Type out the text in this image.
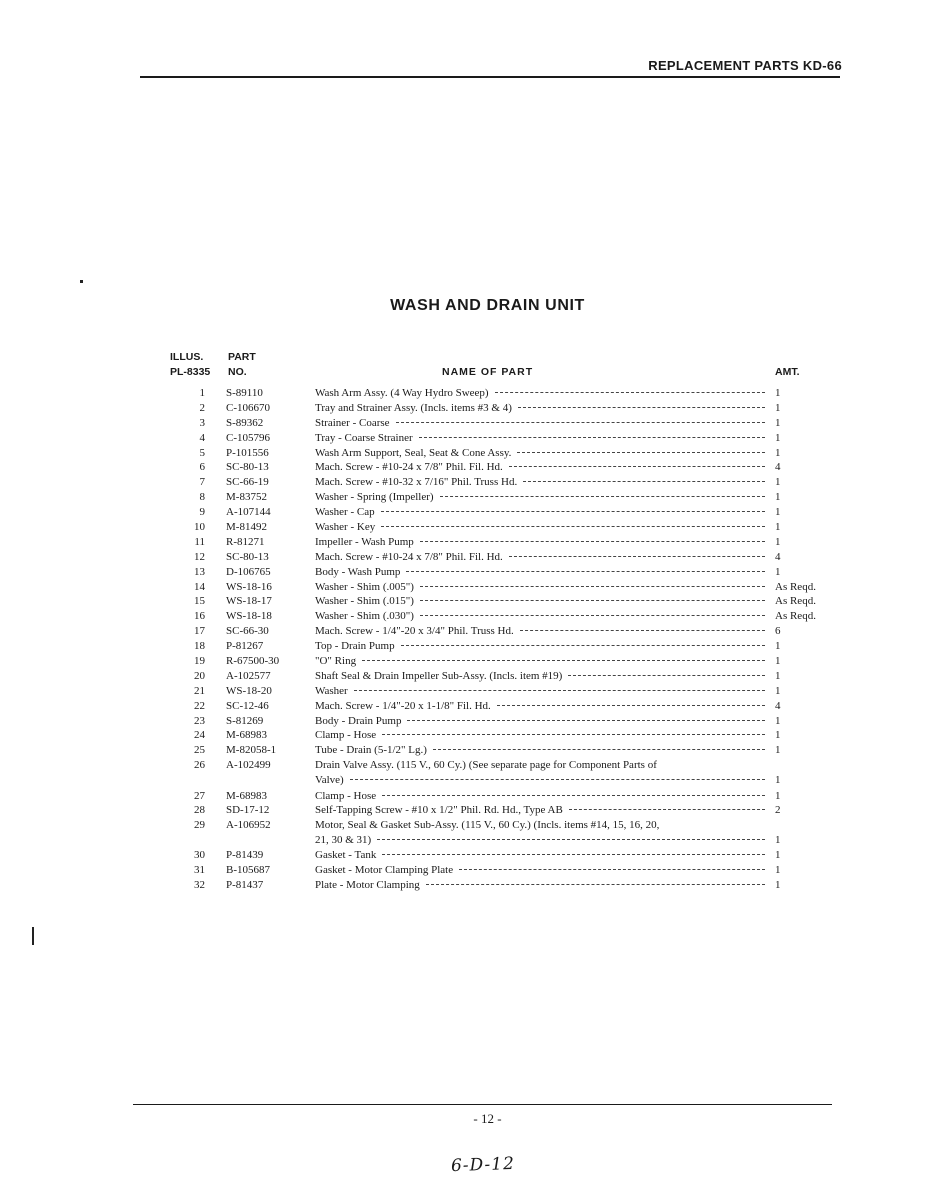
REPLACEMENT PARTS KD-66
WASH AND DRAIN UNIT
ILLUS.
PL-8335
PART
NO.	NAME OF PART	AMT.
1 S-89110	Wash Arm Assy. (4 Way Hydro Sweep)	1
2 C-106670	Tray and Strainer Assy. (Incls. items #3 & 4)	1
3 S-89362	Strainer - Coarse	1
4 C-105796	Tray - Coarse Strainer	1
5 P-101556	Wash Arm Support, Seal, Seat & Cone Assy.	1
6 SC-80-13	Mach. Screw - #10-24 x 7/8" Phil. Fil. Hd.	4
7 SC-66-19	Mach. Screw - #10-32 x 7/16" Phil. Truss Hd.	1
8 M-83752	Washer - Spring (Impeller)	1
9 A-107144	Washer - Cap	1
10 M-81492	Washer - Key	1
11 R-81271	Impeller - Wash Pump	1
12 SC-80-13	Mach. Screw - #10-24 x 7/8" Phil. Fil. Hd.	4
13 D-106765	Body - Wash Pump	1
14 WS-18-16	Washer - Shim (.005")	As Reqd.
15 WS-18-17	Washer - Shim (.015")	As Reqd.
16 WS-18-18	Washer - Shim (.030")	As Reqd.
17 SC-66-30	Mach. Screw - 1/4"-20 x 3/4" Phil. Truss Hd.	6
18 P-81267	Top - Drain Pump	1
19 R-67500-30	"O" Ring	1
20 A-102577	Shaft Seal & Drain Impeller Sub-Assy. (Incls. item #19)	1
21 WS-18-20	Washer	1
22 SC-12-46	Mach. Screw - 1/4"-20 x 1-1/8" Fil. Hd.	4
23 S-81269	Body - Drain Pump	1
24 M-68983	Clamp - Hose	1
25 M-82058-1	Tube - Drain (5-1/2" Lg.)	1
26 A-102499	Drain Valve Assy. (115 V., 60 Cy.) (See separate page for Component Parts of
Valve)	1
27 M-68983	Clamp - Hose	1
28 SD-17-12	Self-Tapping Screw - #10 x 1/2" Phil. Rd. Hd., Type AB	2
29 A-106952	Motor, Seal & Gasket Sub-Assy. (115 V., 60 Cy.) (Incls. items #14, 15, 16, 20,
21, 30 & 31)	1
30 P-81439	Gasket - Tank	1
31 B-105687	Gasket - Motor Clamping Plate	1
32 P-81437	Plate - Motor Clamping	1
- 12 -
6-D-12
